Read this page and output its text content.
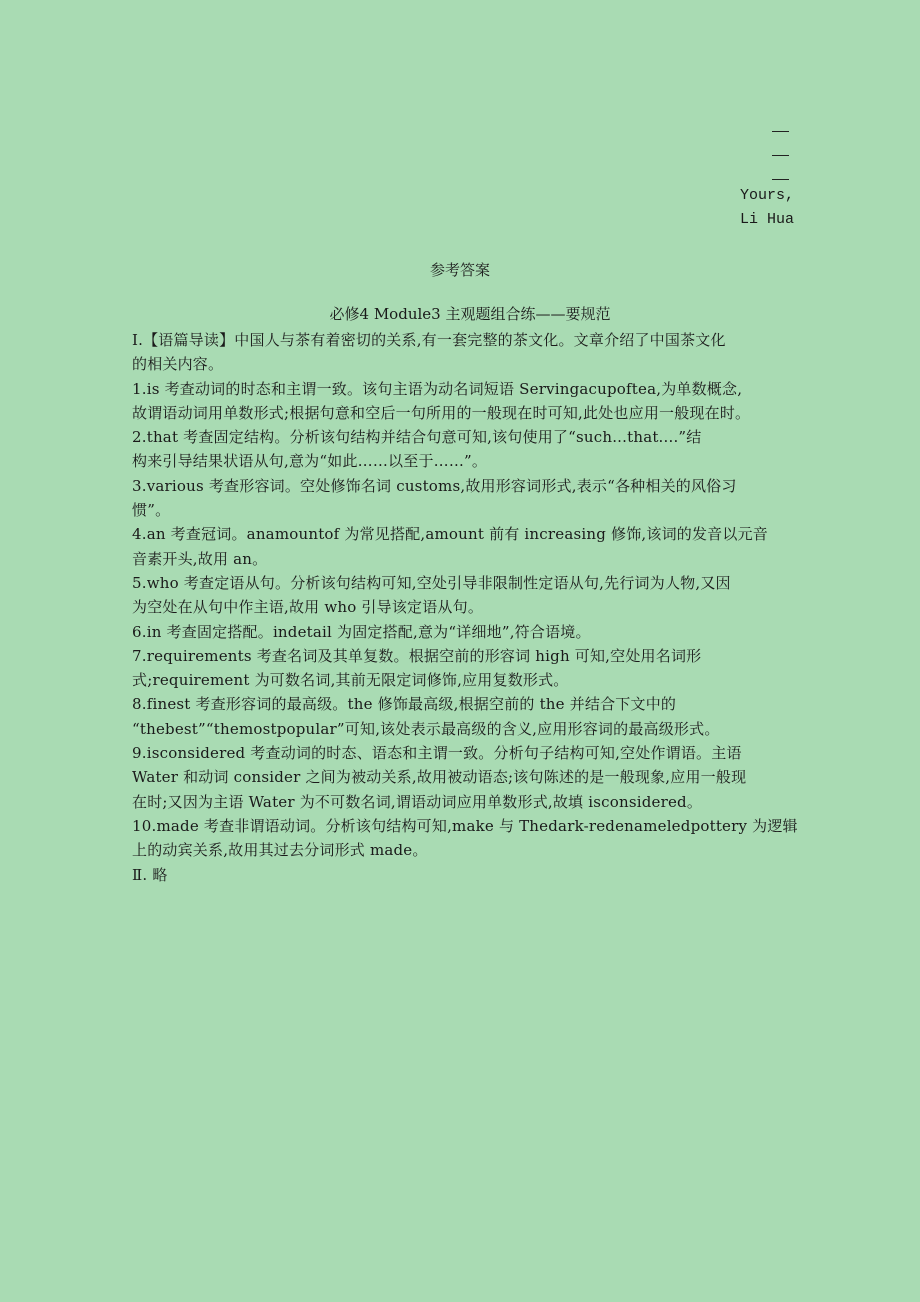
Yours,
Li Hua
参考答案
必修4 Module3 主观题组合练——要规范
Ⅰ.【语篇导读】中国人与茶有着密切的关系,有一套完整的茶文化。文章介绍了中国茶文化
的相关内容。
1.is 考查动词的时态和主谓一致。该句主语为动名词短语 Servingacupoftea,为单数概念,
故谓语动词用单数形式;根据句意和空后一句所用的一般现在时可知,此处也应用一般现在时。
2.that 考查固定结构。分析该句结构并结合句意可知,该句使用了“such...that....”结
构来引导结果状语从句,意为“如此……以至于……”。
3.various 考查形容词。空处修饰名词 customs,故用形容词形式,表示“各种相关的风俗习
惯”。
4.an 考查冠词。anamountof 为常见搭配,amount 前有 increasing 修饰,该词的发音以元音
音素开头,故用 an。
5.who 考查定语从句。分析该句结构可知,空处引导非限制性定语从句,先行词为人物,又因
为空处在从句中作主语,故用 who 引导该定语从句。
6.in 考查固定搭配。indetail 为固定搭配,意为“详细地”,符合语境。
7.requirements 考查名词及其单复数。根据空前的形容词 high 可知,空处用名词形
式;requirement 为可数名词,其前无限定词修饰,应用复数形式。
8.finest 考查形容词的最高级。the 修饰最高级,根据空前的 the 并结合下文中的
“thebest”“themostpopular”可知,该处表示最高级的含义,应用形容词的最高级形式。
9.isconsidered 考查动词的时态、语态和主谓一致。分析句子结构可知,空处作谓语。主语
Water 和动词 consider 之间为被动关系,故用被动语态;该句陈述的是一般现象,应用一般现
在时;又因为主语 Water 为不可数名词,谓语动词应用单数形式,故填 isconsidered。
10.made 考查非谓语动词。分析该句结构可知,make 与 Thedark-redenameledpottery 为逻辑
上的动宾关系,故用其过去分词形式 made。
Ⅱ. 略
